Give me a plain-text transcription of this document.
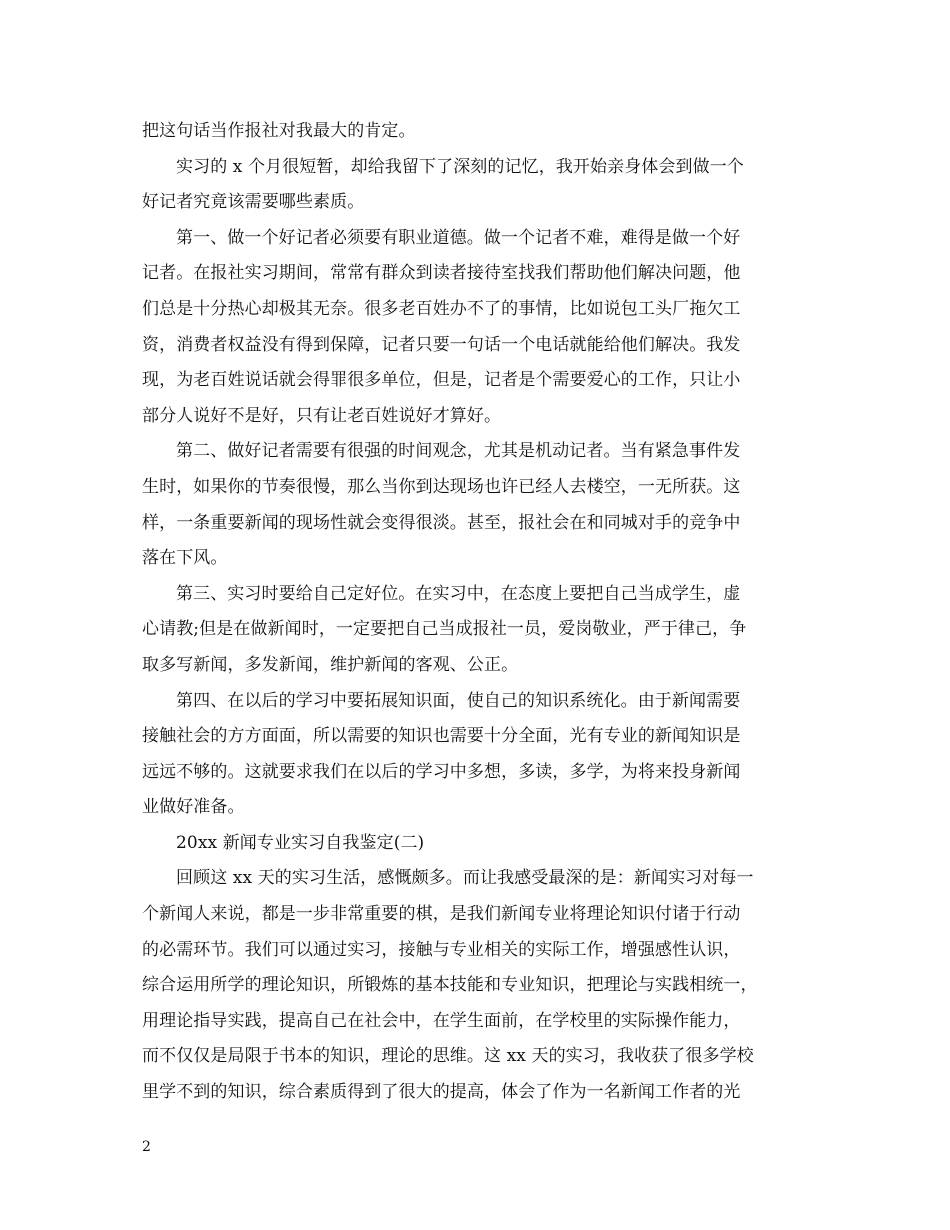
把这句话当作报社对我最大的肯定。
实习的 x 个月很短暂，却给我留下了深刻的记忆，我开始亲身体会到做一个
好记者究竟该需要哪些素质。
第一、做一个好记者必须要有职业道德。做一个记者不难，难得是做一个好
记者。在报社实习期间，常常有群众到读者接待室找我们帮助他们解决问题，他
们总是十分热心却极其无奈。很多老百姓办不了的事情，比如说包工头厂拖欠工
资，消费者权益没有得到保障，记者只要一句话一个电话就能给他们解决。我发
现，为老百姓说话就会得罪很多单位，但是，记者是个需要爱心的工作，只让小
部分人说好不是好，只有让老百姓说好才算好。
第二、做好记者需要有很强的时间观念，尤其是机动记者。当有紧急事件发
生时，如果你的节奏很慢，那么当你到达现场也许已经人去楼空，一无所获。这
样，一条重要新闻的现场性就会变得很淡。甚至，报社会在和同城对手的竞争中
落在下风。
第三、实习时要给自己定好位。在实习中，在态度上要把自己当成学生，虚
心请教;但是在做新闻时，一定要把自己当成报社一员，爱岗敬业，严于律己，争
取多写新闻，多发新闻，维护新闻的客观、公正。
第四、在以后的学习中要拓展知识面，使自己的知识系统化。由于新闻需要
接触社会的方方面面，所以需要的知识也需要十分全面，光有专业的新闻知识是
远远不够的。这就要求我们在以后的学习中多想，多读，多学，为将来投身新闻
业做好准备。
20xx 新闻专业实习自我鉴定(二)
回顾这 xx 天的实习生活，感慨颇多。而让我感受最深的是：新闻实习对每一
个新闻人来说，都是一步非常重要的棋，是我们新闻专业将理论知识付诸于行动
的必需环节。我们可以通过实习，接触与专业相关的实际工作，增强感性认识，
综合运用所学的理论知识，所锻炼的基本技能和专业知识，把理论与实践相统一，
用理论指导实践，提高自己在社会中，在学生面前，在学校里的实际操作能力，
而不仅仅是局限于书本的知识，理论的思维。这 xx 天的实习，我收获了很多学校
里学不到的知识，综合素质得到了很大的提高，体会了作为一名新闻工作者的光
2
